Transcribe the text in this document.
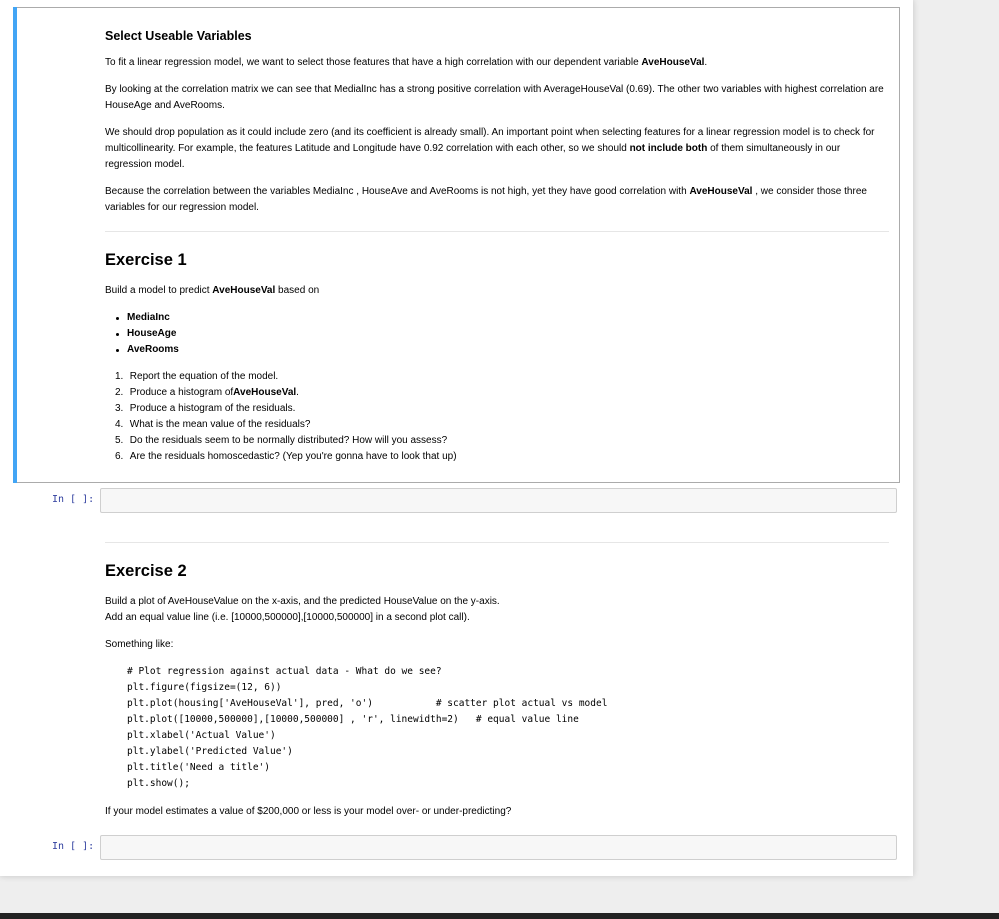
Select Useable Variables

To fit a linear regression model, we want to select those features that have a high correlation with our dependent variable AveHouseVal.

By looking at the correlation matrix we can see that MedialInc has a strong positive correlation with AverageHouseVal (0.69). The other two variables with highest correlation are HouseAge and AveRooms.

We should drop population as it could include zero (and its coefficient is already small). An important point when selecting features for a linear regression model is to check for multicollinearity. For example, the features Latitude and Longitude have 0.92 correlation with each other, so we should not include both of them simultaneously in our regression model.

Because the correlation between the variables MediaInc , HouseAve and AveRooms is not high, yet they have good correlation with AveHouseVal , we consider those three variables for our regression model.

Exercise 1

Build a model to predict AveHouseVal based on

MediaInc
HouseAge
AveRooms
1.
Report the equation of the model.
2.
Produce a histogram of AveHouseVal .
3.
Produce a histogram of the residuals.
4.
What is the mean value of the residuals?
5.
Do the residuals seem to be normally distributed? How will you assess?
6.
Are the residuals homoscedastic? (Yep you're gonna have to look that up)
In [ ]:
Exercise 2

Build a plot of AveHouseValue on the x-axis, and the predicted HouseValue on the y-axis.

Add an equal value line (i.e. [10000,500000],[10000,500000] in a second plot call).

Something like:

# Plot regression against actual data - What do we see?
plt.figure(figsize=(12, 6))
plt.plot(housing['AveHouseVal'], pred, 'o')           # scatter plot actual vs model
plt.plot([10000,500000],[10000,500000] , 'r', linewidth=2)   # equal value line
plt.xlabel('Actual Value')
plt.ylabel('Predicted Value')
plt.title('Need a title')
plt.show();

If your model estimates a value of $200,000 or less is your model over- or under-predicting?

In [ ]:
